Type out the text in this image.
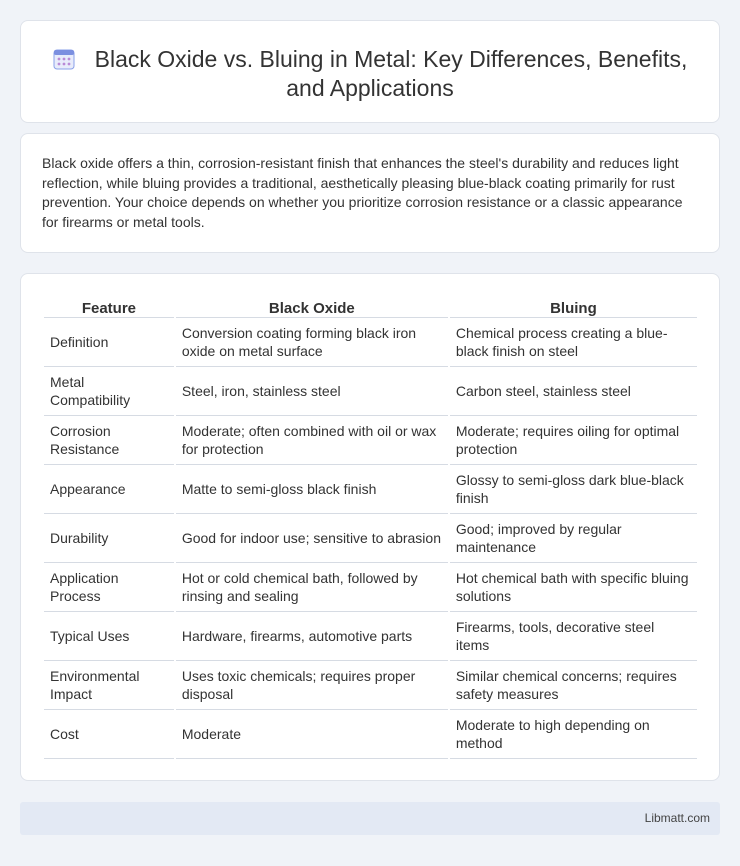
Black Oxide vs. Bluing in Metal: Key Differences, Benefits, and Applications

Black oxide offers a thin, corrosion-resistant finish that enhances the steel's durability and reduces light reflection, while bluing provides a traditional, aesthetically pleasing blue-black coating primarily for rust prevention. Your choice depends on whether you prioritize corrosion resistance or a classic appearance for firearms or metal tools.

Feature	Black Oxide	Bluing
Definition	Conversion coating forming black iron oxide on metal surface	Chemical process creating a blue-black finish on steel
Metal Compatibility	Steel, iron, stainless steel	Carbon steel, stainless steel
Corrosion Resistance	Moderate; often combined with oil or wax for protection	Moderate; requires oiling for optimal protection
Appearance	Matte to semi-gloss black finish	Glossy to semi-gloss dark blue-black finish
Durability	Good for indoor use; sensitive to abrasion	Good; improved by regular maintenance
Application Process	Hot or cold chemical bath, followed by rinsing and sealing	Hot chemical bath with specific bluing solutions
Typical Uses	Hardware, firearms, automotive parts	Firearms, tools, decorative steel items
Environmental Impact	Uses toxic chemicals; requires proper disposal	Similar chemical concerns; requires safety measures
Cost	Moderate	Moderate to high depending on method
Libmatt.com
